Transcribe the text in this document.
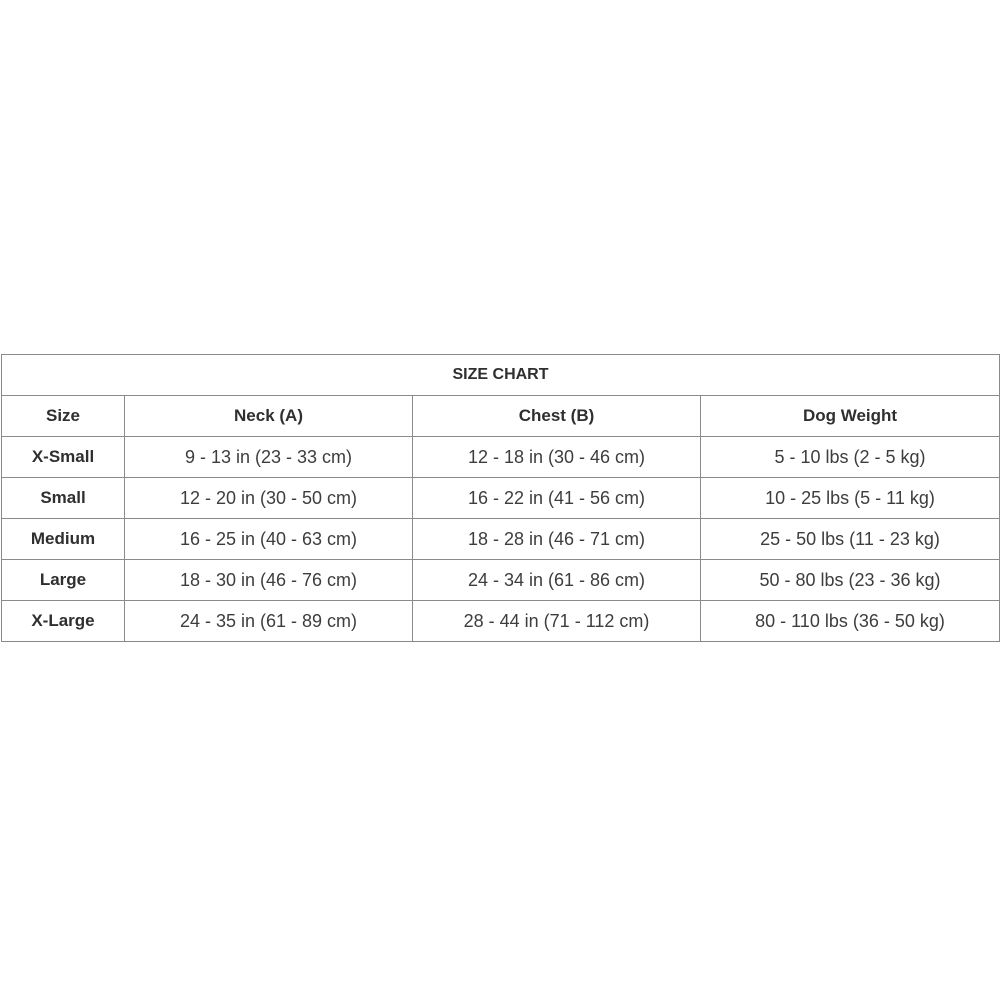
SIZE CHART			
Size	Neck (A)	Chest (B)	Dog Weight
X-Small	9 - 13 in (23 - 33 cm)	12 - 18 in (30 - 46 cm)	5 - 10 lbs (2 - 5 kg)
Small	12 - 20 in (30 - 50 cm)	16 - 22 in (41 - 56 cm)	10 - 25 lbs (5 - 11 kg)
Medium	16 - 25 in (40 - 63 cm)	18 - 28 in (46 - 71 cm)	25 - 50 lbs (11 - 23 kg)
Large	18 - 30 in (46 - 76 cm)	24 - 34 in (61 - 86 cm)	50 - 80 lbs (23 - 36 kg)
X-Large	24 - 35 in (61 - 89 cm)	28 - 44 in (71 - 112 cm)	80 - 110 lbs (36 - 50 kg)
